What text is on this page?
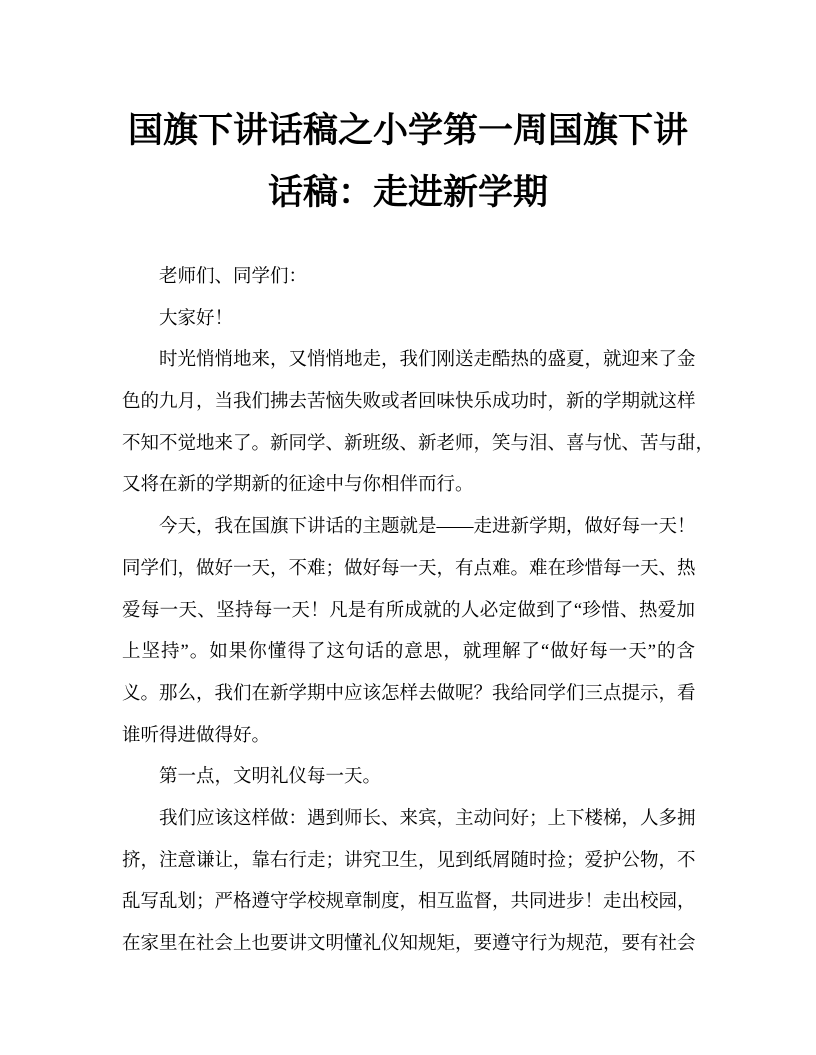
国旗下讲话稿之小学第一周国旗下讲
话稿：走进新学期
老师们、同学们：
大家好！
时光悄悄地来，又悄悄地走，我们刚送走酷热的盛夏，就迎来了金
色的九月，当我们拂去苦恼失败或者回味快乐成功时，新的学期就这样
不知不觉地来了。新同学、新班级、新老师，笑与泪、喜与忧、苦与甜，
又将在新的学期新的征途中与你相伴而行。
今天，我在国旗下讲话的主题就是——走进新学期，做好每一天！
同学们，做好一天，不难；做好每一天，有点难。难在珍惜每一天、热
爱每一天、坚持每一天！凡是有所成就的人必定做到了“珍惜、热爱加
上坚持”。如果你懂得了这句话的意思，就理解了“做好每一天”的含
义。那么，我们在新学期中应该怎样去做呢？我给同学们三点提示，看
谁听得进做得好。
第一点，文明礼仪每一天。
我们应该这样做：遇到师长、来宾，主动问好；上下楼梯，人多拥
挤，注意谦让，靠右行走；讲究卫生，见到纸屑随时捡；爱护公物，不
乱写乱划；严格遵守学校规章制度，相互监督，共同进步！走出校园，
在家里在社会上也要讲文明懂礼仪知规矩，要遵守行为规范，要有社会
